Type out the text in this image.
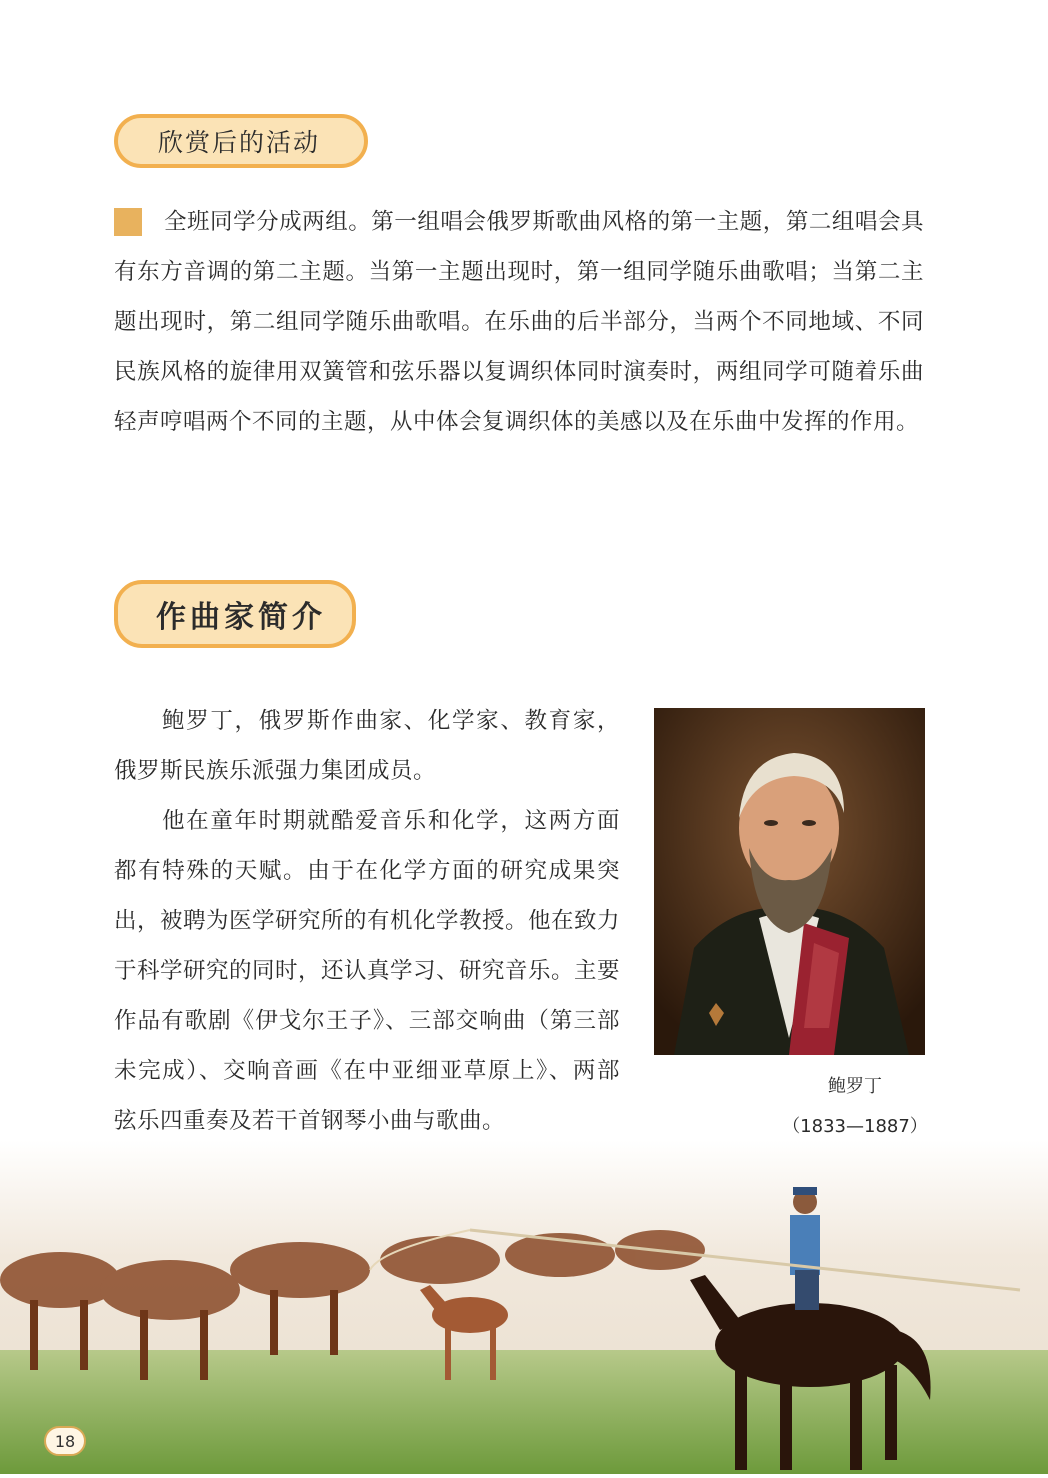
欣赏后的活动

全班同学分成两组。第一组唱会俄罗斯歌曲风格的第一主题，第二组唱会具有东方音调的第二主题。当第一主题出现时，第一组同学随乐曲歌唱；当第二主题出现时，第二组同学随乐曲歌唱。在乐曲的后半部分，当两个不同地域、不同民族风格的旋律用双簧管和弦乐器以复调织体同时演奏时，两组同学可随着乐曲轻声哼唱两个不同的主题，从中体会复调织体的美感以及在乐曲中发挥的作用。

作曲家简介

鲍罗丁，俄罗斯作曲家、化学家、教育家，俄罗斯民族乐派强力集团成员。

他在童年时期就酷爱音乐和化学，这两方面都有特殊的天赋。由于在化学方面的研究成果突出，被聘为医学研究所的有机化学教授。他在致力于科学研究的同时，还认真学习、研究音乐。主要作品有歌剧《伊戈尔王子》、三部交响曲（第三部未完成）、交响音画《在中亚细亚草原上》、两部弦乐四重奏及若干首钢琴小曲与歌曲。

鲍罗丁
（1833—1887）
18
